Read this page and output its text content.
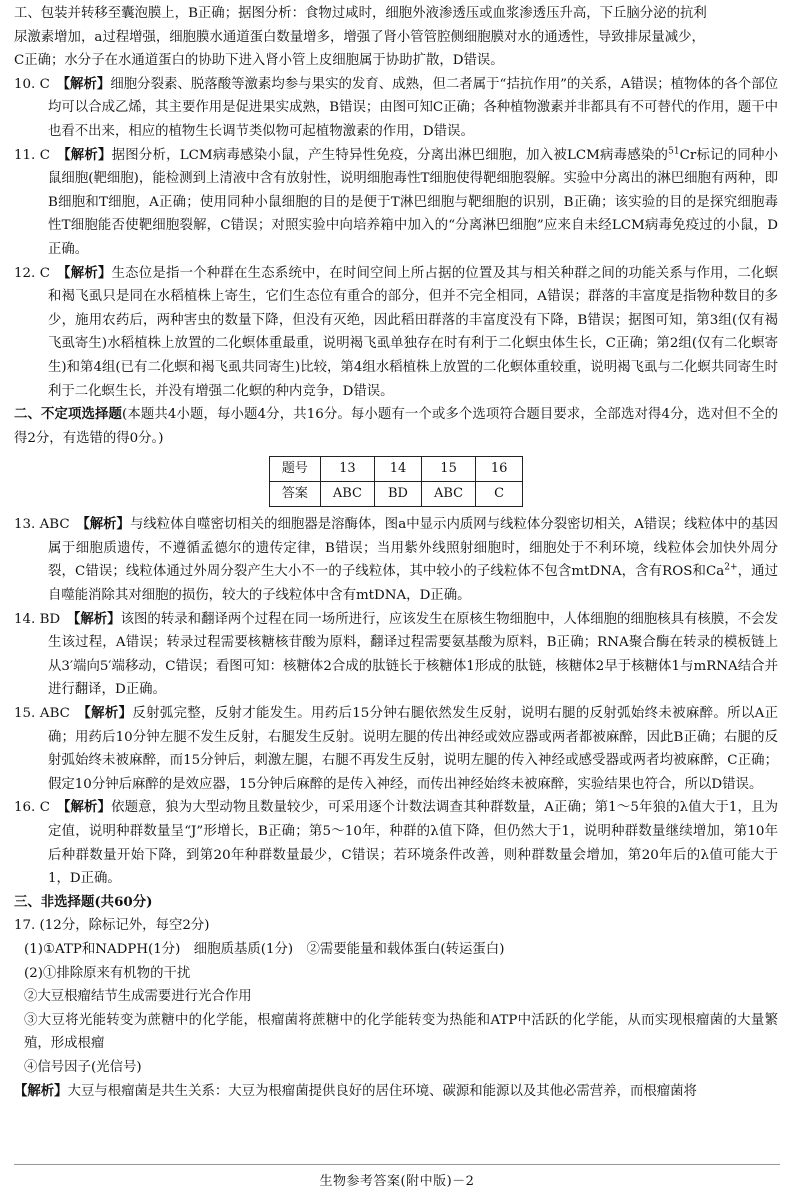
工、包装并转移至囊泡膜上，B正确；据图分析：食物过咸时，细胞外液渗透压或血浆渗透压升高，下丘脑分泌的抗利

尿激素增加，a过程增强，细胞膜水通道蛋白数量增多，增强了肾小管管腔侧细胞膜对水的通透性，导致排尿量减少，

C正确；水分子在水通道蛋白的协助下进入肾小管上皮细胞属于协助扩散，D错误。

10. C　 【解析】细胞分裂素、脱落酸等激素均参与果实的发育、成熟，但二者属于“拮抗作用”的关系，A错误；植物体的各个部位均可以合成乙烯，其主要作用是促进果实成熟，B错误；由图可知C正确；各种植物激素并非都具有不可替代的作用，题干中也看不出来，相应的植物生长调节类似物可起植物激素的作用，D错误。

11. C　 【解析】据图分析，LCM病毒感染小鼠，产生特异性免疫，分离出淋巴细胞，加入被LCM病毒感染的$^{51}$Cr标记的同种小鼠细胞(靶细胞)，能检测到上清液中含有放射性，说明细胞毒性T细胞使得靶细胞裂解。实验中分离出的淋巴细胞有两种，即B细胞和T细胞，A正确；使用同种小鼠细胞的目的是便于T淋巴细胞与靶细胞的识别，B正确；该实验的目的是探究细胞毒性T细胞能否使靶细胞裂解，C错误；对照实验中向培养箱中加入的“分离淋巴细胞”应来自未经LCM病毒免疫过的小鼠，D正确。

12. C　 【解析】生态位是指一个种群在生态系统中，在时间空间上所占据的位置及其与相关种群之间的功能关系与作用，二化螟和褐飞虱只是同在水稻植株上寄生，它们生态位有重合的部分，但并不完全相同，A错误；群落的丰富度是指物种数目的多少，施用农药后，两种害虫的数量下降，但没有灭绝，因此稻田群落的丰富度没有下降，B错误；据图可知，第3组(仅有褐飞虱寄生)水稻植株上放置的二化螟体重最重，说明褐飞虱单独存在时有利于二化螟虫体生长，C正确；第2组(仅有二化螟寄生)和第4组(已有二化螟和褐飞虱共同寄生)比较，第4组水稻植株上放置的二化螟体重较重，说明褐飞虱与二化螟共同寄生时利于二化螟生长，并没有增强二化螟的种内竞争，D错误。

二、不定项选择题(本题共4小题，每小题4分，共16分。每小题有一个或多个选项符合题目要求，全部选对得4分，选对但不全的得2分，有选错的得0分。)

题号	13	14	15	16
答案	ABC	BD	ABC	C

13. ABC　 【解析】与线粒体自噬密切相关的细胞器是溶酶体，图a中显示内质网与线粒体分裂密切相关，A错误；线粒体中的基因属于细胞质遗传，不遵循孟德尔的遗传定律，B错误；当用紫外线照射细胞时，细胞处于不利环境，线粒体会加快外周分裂，C错误；线粒体通过外周分裂产生大小不一的子线粒体，其中较小的子线粒体不包含mtDNA，含有ROS和$Ca^{2+}$，通过自噬能消除其对细胞的损伤，较大的子线粒体中含有mtDNA，D正确。

14. BD　 【解析】该图的转录和翻译两个过程在同一场所进行，应该发生在原核生物细胞中，人体细胞的细胞核具有核膜，不会发生该过程，A错误；转录过程需要核糖核苷酸为原料，翻译过程需要氨基酸为原料，B正确；RNA聚合酶在转录的模板链上从3′端向5′端移动，C错误；看图可知：核糖体2合成的肽链长于核糖体1形成的肽链，核糖体2早于核糖体1与mRNA结合并进行翻译，D正确。

15. ABC　 【解析】反射弧完整，反射才能发生。用药后15分钟右腿依然发生反射，说明右腿的反射弧始终未被麻醉。所以A正确；用药后10分钟左腿不发生反射，右腿发生反射。说明左腿的传出神经或效应器或两者都被麻醉，因此B正确；右腿的反射弧始终未被麻醉，而15分钟后，刺激左腿，右腿不再发生反射，说明左腿的传入神经或感受器或两者均被麻醉，C正确；假定10分钟后麻醉的是效应器，15分钟后麻醉的是传入神经，而传出神经始终未被麻醉，实验结果也符合，所以D错误。

16. C　 【解析】依题意，狼为大型动物且数量较少，可采用逐个计数法调查其种群数量，A正确；第1～5年狼的λ值大于1，且为定值，说明种群数量呈“J”形增长，B正确；第5～10年，种群的λ值下降，但仍然大于1，说明种群数量继续增加，第10年后种群数量开始下降，到第20年种群数量最少，C错误；若环境条件改善，则种群数量会增加，第20年后的λ值可能大于1，D正确。

三、非选择题(共60分)

17. (12分，除标记外，每空2分)

(1)①ATP和NADPH(1分)　细胞质基质(1分)　②需要能量和载体蛋白(转运蛋白)

(2)①排除原来有机物的干扰

②大豆根瘤结节生成需要进行光合作用

③大豆将光能转变为蔗糖中的化学能，根瘤菌将蔗糖中的化学能转变为热能和ATP中活跃的化学能，从而实现根瘤菌的大量繁殖，形成根瘤

④信号因子(光信号)

【解析】大豆与根瘤菌是共生关系：大豆为根瘤菌提供良好的居住环境、碳源和能源以及其他必需营养，而根瘤菌将

生物参考答案(附中版)－2
